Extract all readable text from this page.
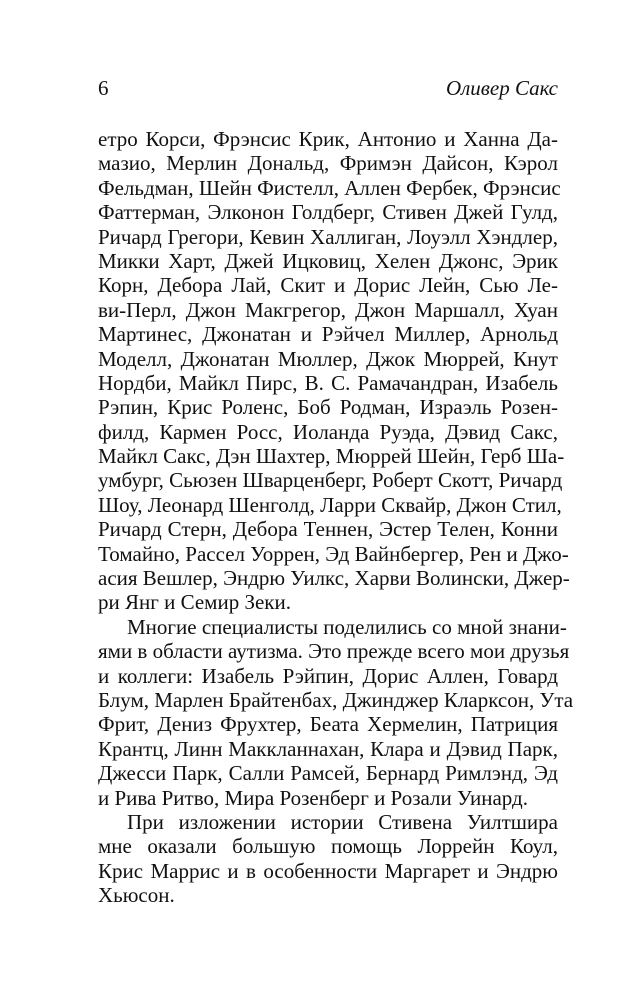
6	Оливер Сакс
етро Корси, Фрэнсис Крик, Антонио и Ханна Да-
мазио, Мерлин Дональд, Фримэн Дайсон, Кэрол
Фельдман, Шейн Фистелл, Аллен Фербек, Фрэнсис
Фаттерман, Элконон Голдберг, Стивен Джей Гулд,
Ричард Грегори, Кевин Халлиган, Лоуэлл Хэндлер,
Микки Харт, Джей Ицковиц, Хелен Джонс, Эрик
Корн, Дебора Лай, Скит и Дорис Лейн, Сью Ле-
ви-Перл, Джон Макгрегор, Джон Маршалл, Хуан
Мартинес, Джонатан и Рэйчел Миллер, Арнольд
Моделл, Джонатан Мюллер, Джок Мюррей, Кнут
Нордби, Майкл Пирс, В. С. Рамачандран, Изабель
Рэпин, Крис Роленс, Боб Родман, Израэль Розен-
филд, Кармен Росс, Иоланда Руэда, Дэвид Сакс,
Майкл Сакс, Дэн Шахтер, Мюррей Шейн, Герб Ша-
умбург, Сьюзен Шварценберг, Роберт Скотт, Ричард
Шоу, Леонард Шенголд, Ларри Сквайр, Джон Стил,
Ричард Стерн, Дебора Теннен, Эстер Телен, Конни
Томайно, Рассел Уоррен, Эд Вайнбергер, Рен и Джо-
асия Вешлер, Эндрю Уилкс, Харви Волински, Джер-
ри Янг и Семир Зеки.
Многие специалисты поделились со мной знани-
ями в области аутизма. Это прежде всего мои друзья
и коллеги: Изабель Рэйпин, Дорис Аллен, Говард
Блум, Марлен Брайтенбах, Джинджер Кларксон, Ута
Фрит, Дениз Фрухтер, Беата Хермелин, Патриция
Крантц, Линн Маккланнахан, Клара и Дэвид Парк,
Джесси Парк, Салли Рамсей, Бернард Римлэнд, Эд
и Рива Ритво, Мира Розенберг и Розали Уинард.
При изложении истории Стивена Уилтшира
мне оказали большую помощь Лоррейн Коул,
Крис Маррис и в особенности Маргарет и Эндрю
Хьюсон.
